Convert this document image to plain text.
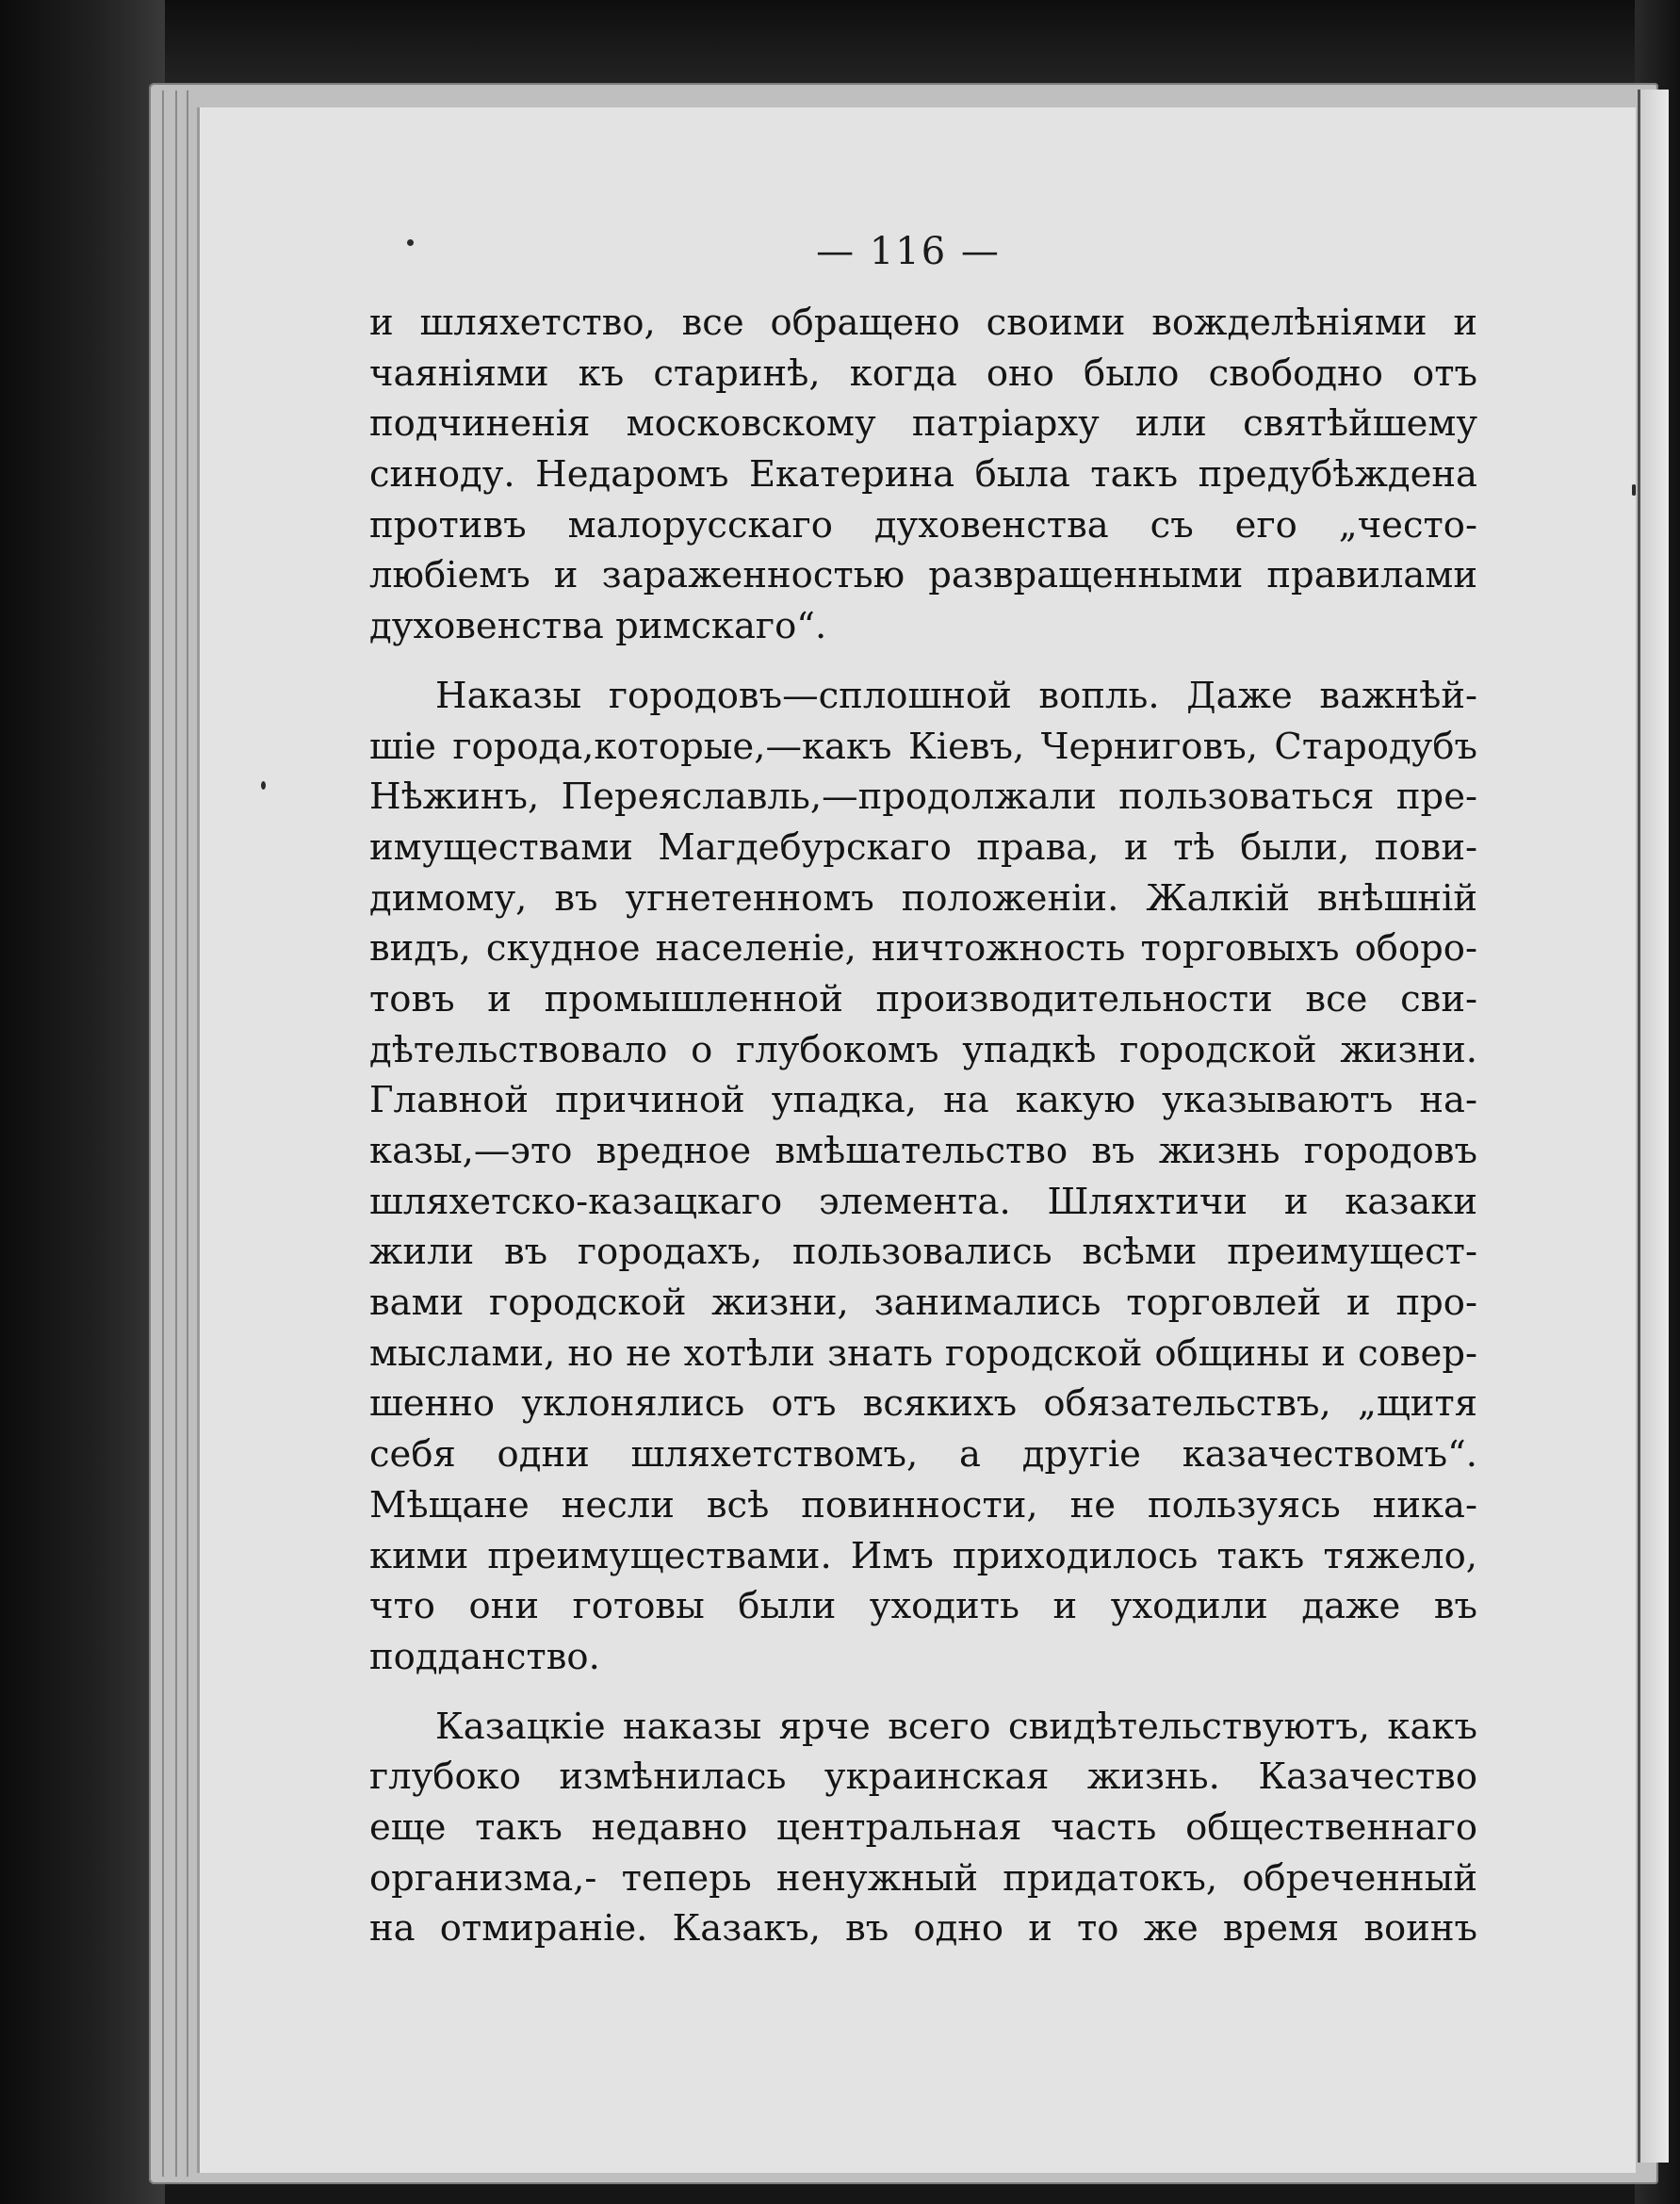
— 116 —
и шляхетство, все обращено своими вожделѣніями и
чаяніями къ старинѣ, когда оно было свободно отъ
подчиненія московскому патріарху или святѣйшему
синоду. Недаромъ Екатерина была такъ предубѣждена
противъ малорусскаго духовенства съ его „често-
любіемъ и зараженностью развращенными правилами
духовенства римскаго“.
Наказы городовъ—сплошной вопль. Даже важнѣй-
шіе города,которые,—какъ Кіевъ, Черниговъ, Стародубъ
Нѣжинъ, Переяславль,—продолжали пользоваться пре-
имуществами Магдебурскаго права, и тѣ были, пови-
димому, въ угнетенномъ положеніи. Жалкій внѣшній
видъ, скудное населеніе, ничтожность торговыхъ оборо-
товъ и промышленной производительности все сви-
дѣтельствовало о глубокомъ упадкѣ городской жизни.
Главной причиной упадка, на какую указываютъ на-
казы,—это вредное вмѣшательство въ жизнь городовъ
шляхетско-казацкаго элемента. Шляхтичи и казаки
жили въ городахъ, пользовались всѣми преимущест-
вами городской жизни, занимались торговлей и про-
мыслами, но не хотѣли знать городской общины и совер-
шенно уклонялись отъ всякихъ обязательствъ, „щитя
себя одни шляхетствомъ, а другіе казачествомъ“.
Мѣщане несли всѣ повинности, не пользуясь ника-
кими преимуществами. Имъ приходилось такъ тяжело,
что они готовы были уходить и уходили даже въ
подданство.
Казацкіе наказы ярче всего свидѣтельствуютъ, какъ
глубоко измѣнилась украинская жизнь. Казачество
еще такъ недавно центральная часть общественнаго
организма,- теперь ненужный придатокъ, обреченный
на отмираніе. Казакъ, въ одно и то же время воинъ
